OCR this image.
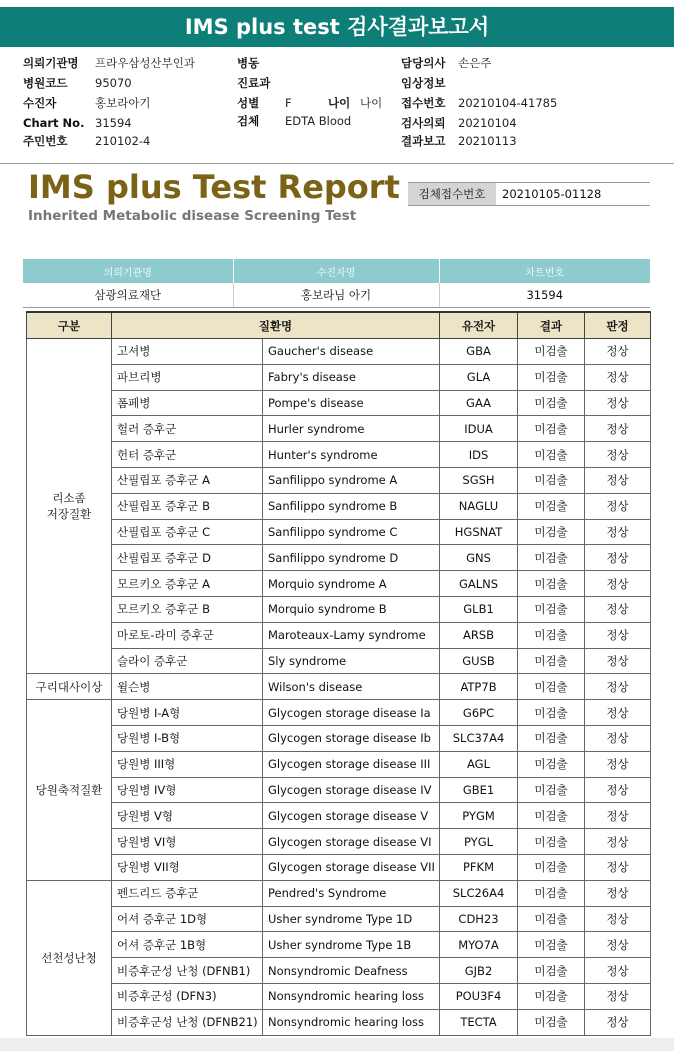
IMS plus test 검사결과보고서
의뢰기관명 프라우삼성산부인과
병원코드 95070
수진자	홍보라아기
Chart No. 31594
주민번호 210102-4
병동
진료과
성별 F	나이 나이
검체 EDTA Blood
담당의사 손은주
임상정보
접수번호 20210104-41785
검사의뢰 20210104
결과보고 20210113
IMS plus Test Report
Inherited Metabolic disease Screening Test
검체접수번호	20210105-01128
의뢰기관명	수진자명	차트번호
삼광의료재단	홍보라님 아기	31594
구분	질환명		유전자	결과	판정
리소좀
저장질환	고셔병	Gaucher's disease	GBA	미검출	정상
	파브리병	Fabry's disease	GLA	미검출	정상
	폼페병	Pompe's disease	GAA	미검출	정상
	헐러 증후군	Hurler syndrome	IDUA	미검출	정상
	헌터 증후군	Hunter's syndrome	IDS	미검출	정상
	산필립포 증후군 A	Sanfilippo syndrome A	SGSH	미검출	정상
	산필립포 증후군 B	Sanfilippo syndrome B	NAGLU	미검출	정상
	산필립포 증후군 C	Sanfilippo syndrome C	HGSNAT	미검출	정상
	산필립포 증후군 D	Sanfilippo syndrome D	GNS	미검출	정상
	모르키오 증후군 A	Morquio syndrome A	GALNS	미검출	정상
	모르키오 증후군 B	Morquio syndrome B	GLB1	미검출	정상
	마로토-라미 증후군	Maroteaux-Lamy syndrome	ARSB	미검출	정상
	슬라이 증후군	Sly syndrome	GUSB	미검출	정상
구리대사이상	윌슨병	Wilson's disease	ATP7B	미검출	정상
당원축적질환	당원병 I-A형	Glycogen storage disease Ia	G6PC	미검출	정상
	당원병 I-B형	Glycogen storage disease Ib	SLC37A4	미검출	정상
	당원병 III형	Glycogen storage disease III	AGL	미검출	정상
	당원병 IV형	Glycogen storage disease IV	GBE1	미검출	정상
	당원병 V형	Glycogen storage disease V	PYGM	미검출	정상
	당원병 VI형	Glycogen storage disease VI	PYGL	미검출	정상
	당원병 VII형	Glycogen storage disease VII	PFKM	미검출	정상
선천성난청	펜드리드 증후군	Pendred's Syndrome	SLC26A4	미검출	정상
	어셔 증후군 1D형	Usher syndrome Type 1D	CDH23	미검출	정상
	어셔 증후군 1B형	Usher syndrome Type 1B	MYO7A	미검출	정상
	비증후군성 난청 (DFNB1)	Nonsyndromic Deafness	GJB2	미검출	정상
	비증후군성 (DFN3)	Nonsyndromic hearing loss	POU3F4	미검출	정상
	비증후군성 난청 (DFNB21)	Nonsyndromic hearing loss	TECTA	미검출	정상
